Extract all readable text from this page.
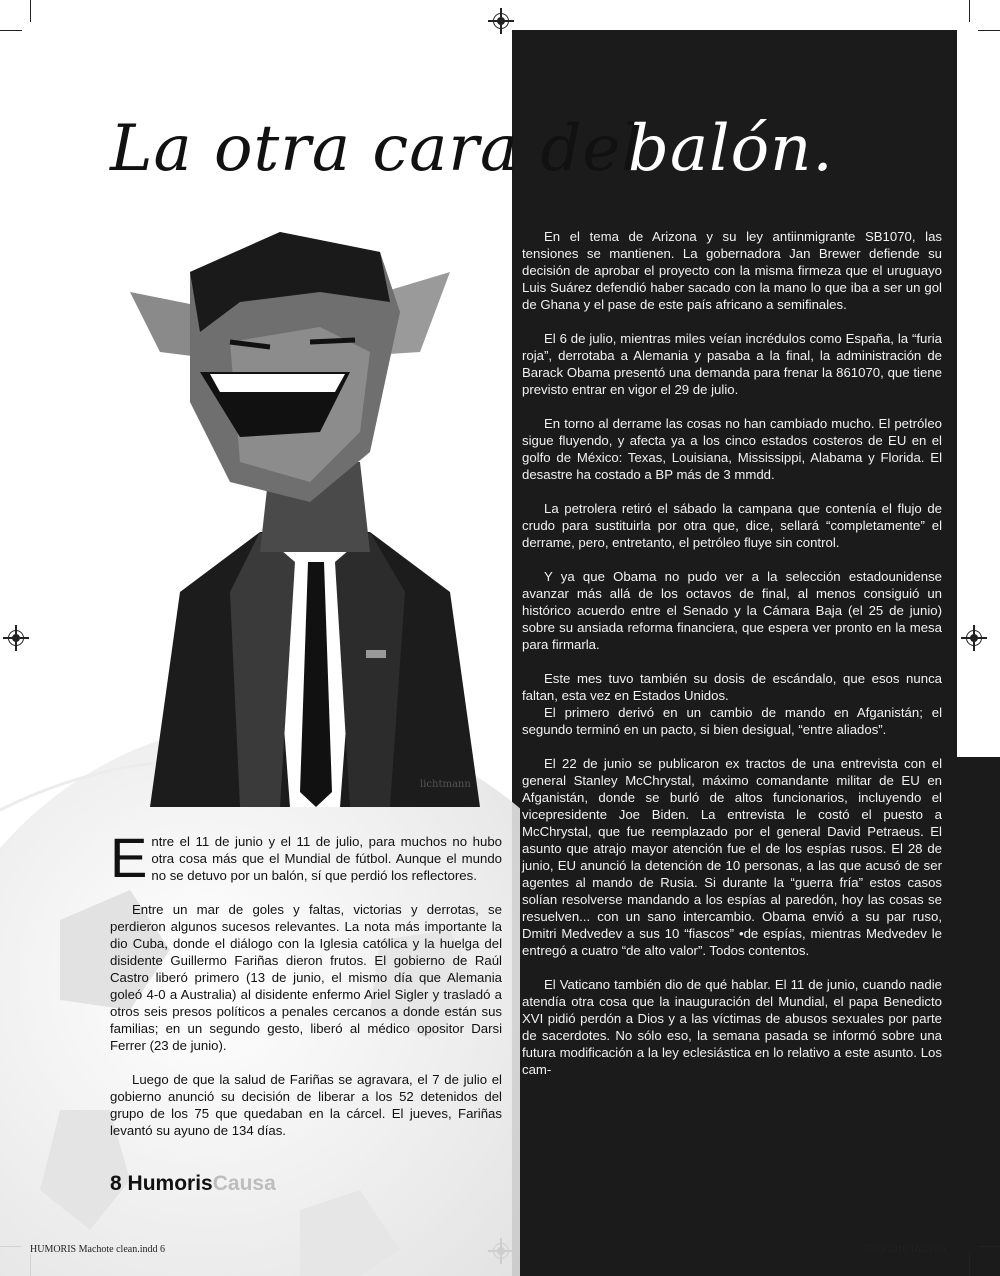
lichtmann
La otra cara del
balón.

En el tema de Arizona y su ley antiinmigrante SB1070, las tensiones se mantienen. La gobernadora Jan Brewer defiende su decisión de aprobar el proyecto con la misma firmeza que el uruguayo Luis Suárez defendió haber sacado con la mano lo que iba a ser un gol de Ghana y el pase de este país africano a semifinales.

El 6 de julio, mientras miles veían incrédulos como España, la “furia roja”, derrotaba a Alemania y pasaba a la final, la administración de Barack Obama presentó una demanda para frenar la 861070, que tiene previsto entrar en vigor el 29 de julio.

En torno al derrame las cosas no han cambiado mucho. El petróleo sigue fluyendo, y afecta ya a los cinco estados costeros de EU en el golfo de México: Texas, Louisiana, Mississippi, Alabama y Florida. El desastre ha costado a BP más de 3 mmdd.

La petrolera retiró el sábado la campana que contenía el flujo de crudo para sustituirla por otra que, dice, sellará “completamente” el derrame, pero, entretanto, el petróleo fluye sin control.

Y ya que Obama no pudo ver a la selección estadounidense avanzar más allá de los octavos de final, al menos consiguió un histórico acuerdo entre el Senado y la Cámara Baja (el 25 de junio) sobre su ansiada reforma financiera, que espera ver pronto en la mesa para firmarla.

Este mes tuvo también su dosis de escándalo, que esos nunca faltan, esta vez en Estados Unidos.

El primero derivó en un cambio de mando en Afganistán; el segundo terminó en un pacto, si bien desigual, “entre aliados”.

El 22 de junio se publicaron ex tractos de una entrevista con el general Stanley McChrystal, máximo comandante militar de EU en Afganistán, donde se burló de altos funcionarios, incluyendo el vicepresidente Joe Biden. La entrevista le costó el puesto a McChrystal, que fue reemplazado por el general David Petraeus. El asunto que atrajo mayor atención fue el de los espías rusos. El 28 de junio, EU anunció la detención de 10 personas, a las que acusó de ser agentes al mando de Rusia. Si durante la “guerra fría” estos casos solían resolverse mandando a los espías al paredón, hoy las cosas se resuelven... con un sano intercambio. Obama envió a su par ruso, Dmitri Medvedev a sus 10 “fiascos” •de espías, mientras Medvedev le entregó a cuatro “de alto valor”. Todos contentos.

El Vaticano también dio de qué hablar. El 11 de junio, cuando nadie atendía otra cosa que la inauguración del Mundial, el papa Benedicto XVI pidió perdón a Dios y a las víctimas de abusos sexuales por parte de sacerdotes. No sólo eso, la semana pasada se informó sobre una futura modificación a la ley eclesiástica en lo relativo a este asunto. Los cam-

Entre el 11 de junio y el 11 de julio, para muchos no hubo otra cosa más que el Mundial de fútbol. Aunque el mundo no se detuvo por un balón, sí que perdió los reflectores.

Entre un mar de goles y faltas, victorias y derrotas, se perdieron algunos sucesos relevantes. La nota más importante la dio Cuba, donde el diálogo con la Iglesia católica y la huelga del disidente Guillermo Fariñas dieron frutos. El gobierno de Raúl Castro liberó primero (13 de junio, el mismo día que Alemania goleó 4-0 a Australia) al disidente enfermo Ariel Sigler y trasladó a otros seis presos políticos a penales cercanos a donde están sus familias; en un segundo gesto, liberó al médico opositor Darsi Ferrer (23 de junio).

Luego de que la salud de Fariñas se agravara, el 7 de julio el gobierno anunció su decisión de liberar a los 52 detenidos del grupo de los 75 que quedaban en la cárcel. El jueves, Fariñas levantó su ayuno de 134 días.

8 HumorisCausa
HUMORIS Machote clean.indd 6	25/09/2010 16:21:05
